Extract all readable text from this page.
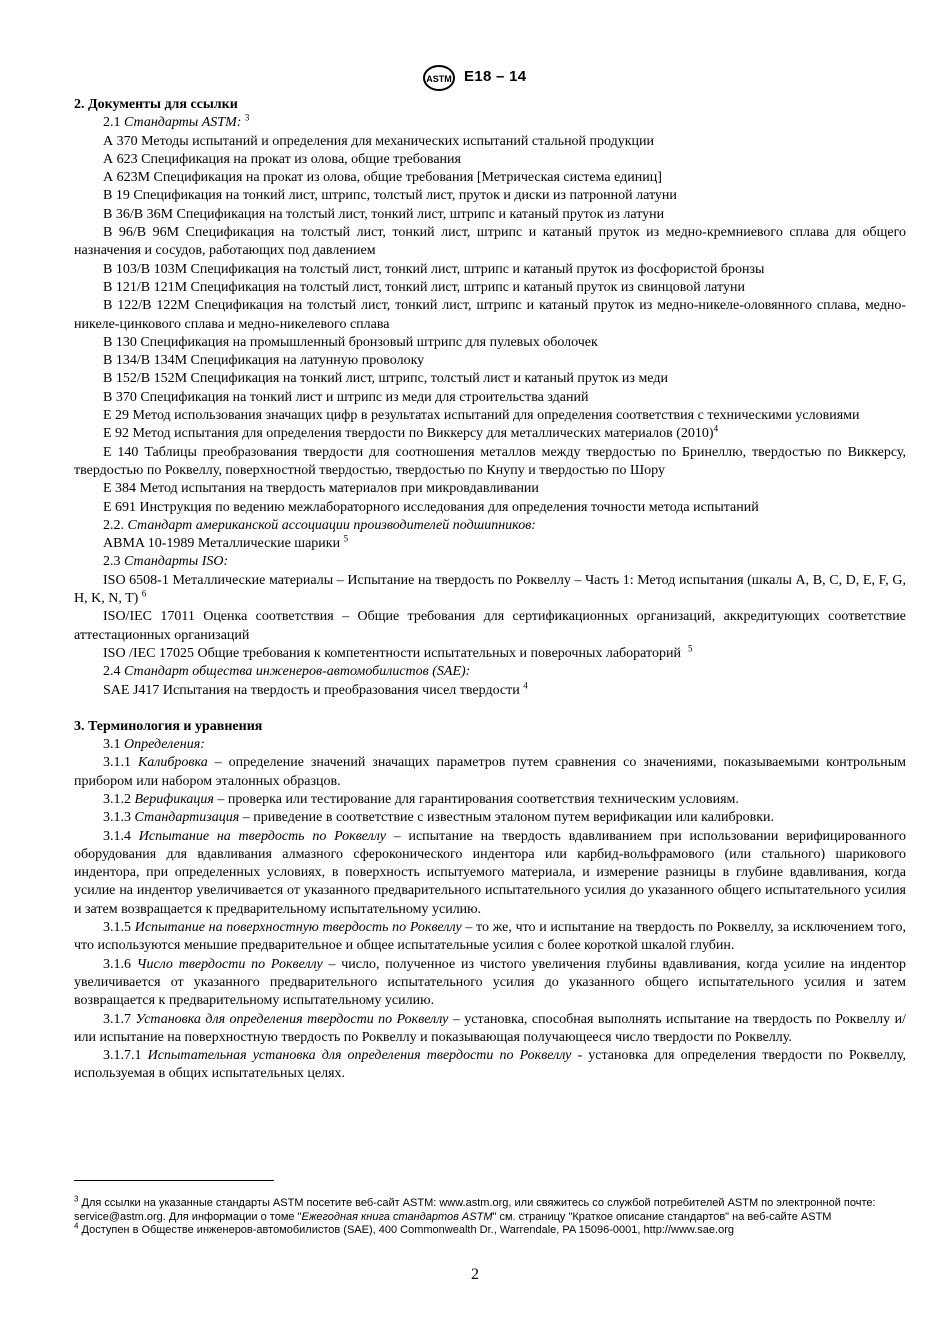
ASTM E18 – 14

2. Документы для ссылки

2.1 Стандарты ASTM: $^3$

А 370 Методы испытаний и определения для механических испытаний стальной продукции

А 623 Спецификация на прокат из олова, общие требования

А 623М Спецификация на прокат из олова, общие требования [Метрическая система единиц]

В 19 Спецификация на тонкий лист, штрипс, толстый лист, пруток и диски из патронной латуни

В 36/В 36М Спецификация на толстый лист, тонкий лист, штрипс и катаный пруток из латуни

В 96/В 96М Спецификация на толстый лист, тонкий лист, штрипс и катаный пруток из медно-кремниевого сплава для общего назначения и сосудов, работающих под давлением

В 103/В 103М Спецификация на толстый лист, тонкий лист, штрипс и катаный пруток из фосфористой бронзы

В 121/В 121М Спецификация на толстый лист, тонкий лист, штрипс и катаный пруток из свинцовой латуни

В 122/В 122М Спецификация на толстый лист, тонкий лист, штрипс и катаный пруток из медно-никеле-оловянного сплава, медно-никеле-цинкового сплава и медно-никелевого сплава

В 130 Спецификация на промышленный бронзовый штрипс для пулевых оболочек

В 134/В 134М Спецификация на латунную проволоку

В 152/В 152М Спецификация на тонкий лист, штрипс, толстый лист и катаный пруток из меди

В 370 Спецификация на тонкий лист и штрипс из меди для строительства зданий

Е 29 Метод использования значащих цифр в результатах испытаний для определения соответствия с техническими условиями

Е 92 Метод испытания для определения твердости по Виккерсу для металлических материалов $(2010)^4$

Е 140 Таблицы преобразования твердости для соотношения металлов между твердостью по Бринеллю, твердостью по Виккерсу, твердостью по Роквеллу, поверхностной твердостью, твердостью по Кнупу и твердостью по Шору

Е 384 Метод испытания на твердость материалов при микровдавливании

Е 691 Инструкция по ведению межлабораторного исследования для определения точности метода испытаний

2.2. Стандарт американской ассоциации производителей подшипников:

ABMA 10-1989 Металлические шарики $^5$

2.3 Стандарты ISO:

ISO 6508-1 Металлические материалы – Испытание на твердость по Роквеллу – Часть 1: Метод испытания (шкалы A, B, C, D, E, F, G, H, K, N, T) $^6$

ISO/IEC 17011 Оценка соответствия – Общие требования для сертификационных организаций, аккредитующих соответствие аттестационных организаций

ISO /IEC 17025 Общие требования к компетентности испытательных и поверочных лабораторий $^5$

2.4 Стандарт общества инженеров-автомобилистов (SAE):

SAE J417 Испытания на твердость и преобразования чисел твердости $^4$

3. Терминология и уравнения

3.1 Определения:

3.1.1 Калибровка – определение значений значащих параметров путем сравнения со значениями, показываемыми контрольным прибором или набором эталонных образцов.

3.1.2 Верификация – проверка или тестирование для гарантирования соответствия техническим условиям.

3.1.3 Стандартизация – приведение в соответствие с известным эталоном путем верификации или калибровки.

3.1.4 Испытание на твердость по Роквеллу – испытание на твердость вдавливанием при использовании верифицированного оборудования для вдавливания алмазного сфероконического индентора или карбид-вольфрамового (или стального) шарикового индентора, при определенных условиях, в поверхность испытуемого материала, и измерение разницы в глубине вдавливания, когда усилие на индентор увеличивается от указанного предварительного испытательного усилия до указанного общего испытательного усилия и затем возвращается к предварительному испытательному усилию.

3.1.5 Испытание на поверхностную твердость по Роквеллу – то же, что и испытание на твердость по Роквеллу, за исключением того, что используются меньшие предварительное и общее испытательные усилия с более короткой шкалой глубин.

3.1.6 Число твердости по Роквеллу – число, полученное из чистого увеличения глубины вдавливания, когда усилие на индентор увеличивается от указанного предварительного испытательного усилия до указанного общего испытательного усилия и затем возвращается к предварительному испытательному усилию.

3.1.7 Установка для определения твердости по Роквеллу – установка, способная выполнять испытание на твердость по Роквеллу и/или испытание на поверхностную твердость по Роквеллу и показывающая получающееся число твердости по Роквеллу.

3.1.7.1 Испытательная установка для определения твердости по Роквеллу - установка для определения твердости по Роквеллу, используемая в общих испытательных целях.

$^3$ Для ссылки на указанные стандарты ASTM посетите веб-сайт ASTM: www.astm.org, или свяжитесь со службой потребителей ASTM по электронной почте: service@astm.org. Для информации о томе "Ежегодная книга стандартов ASTM" см. страницу "Краткое описание стандартов" на веб-сайте ASTM

$^4$ Доступен в Обществе инженеров-автомобилистов (SAE), 400 Commonwealth Dr., Warrendale, PA 15096-0001, http://www.sae.org

2
